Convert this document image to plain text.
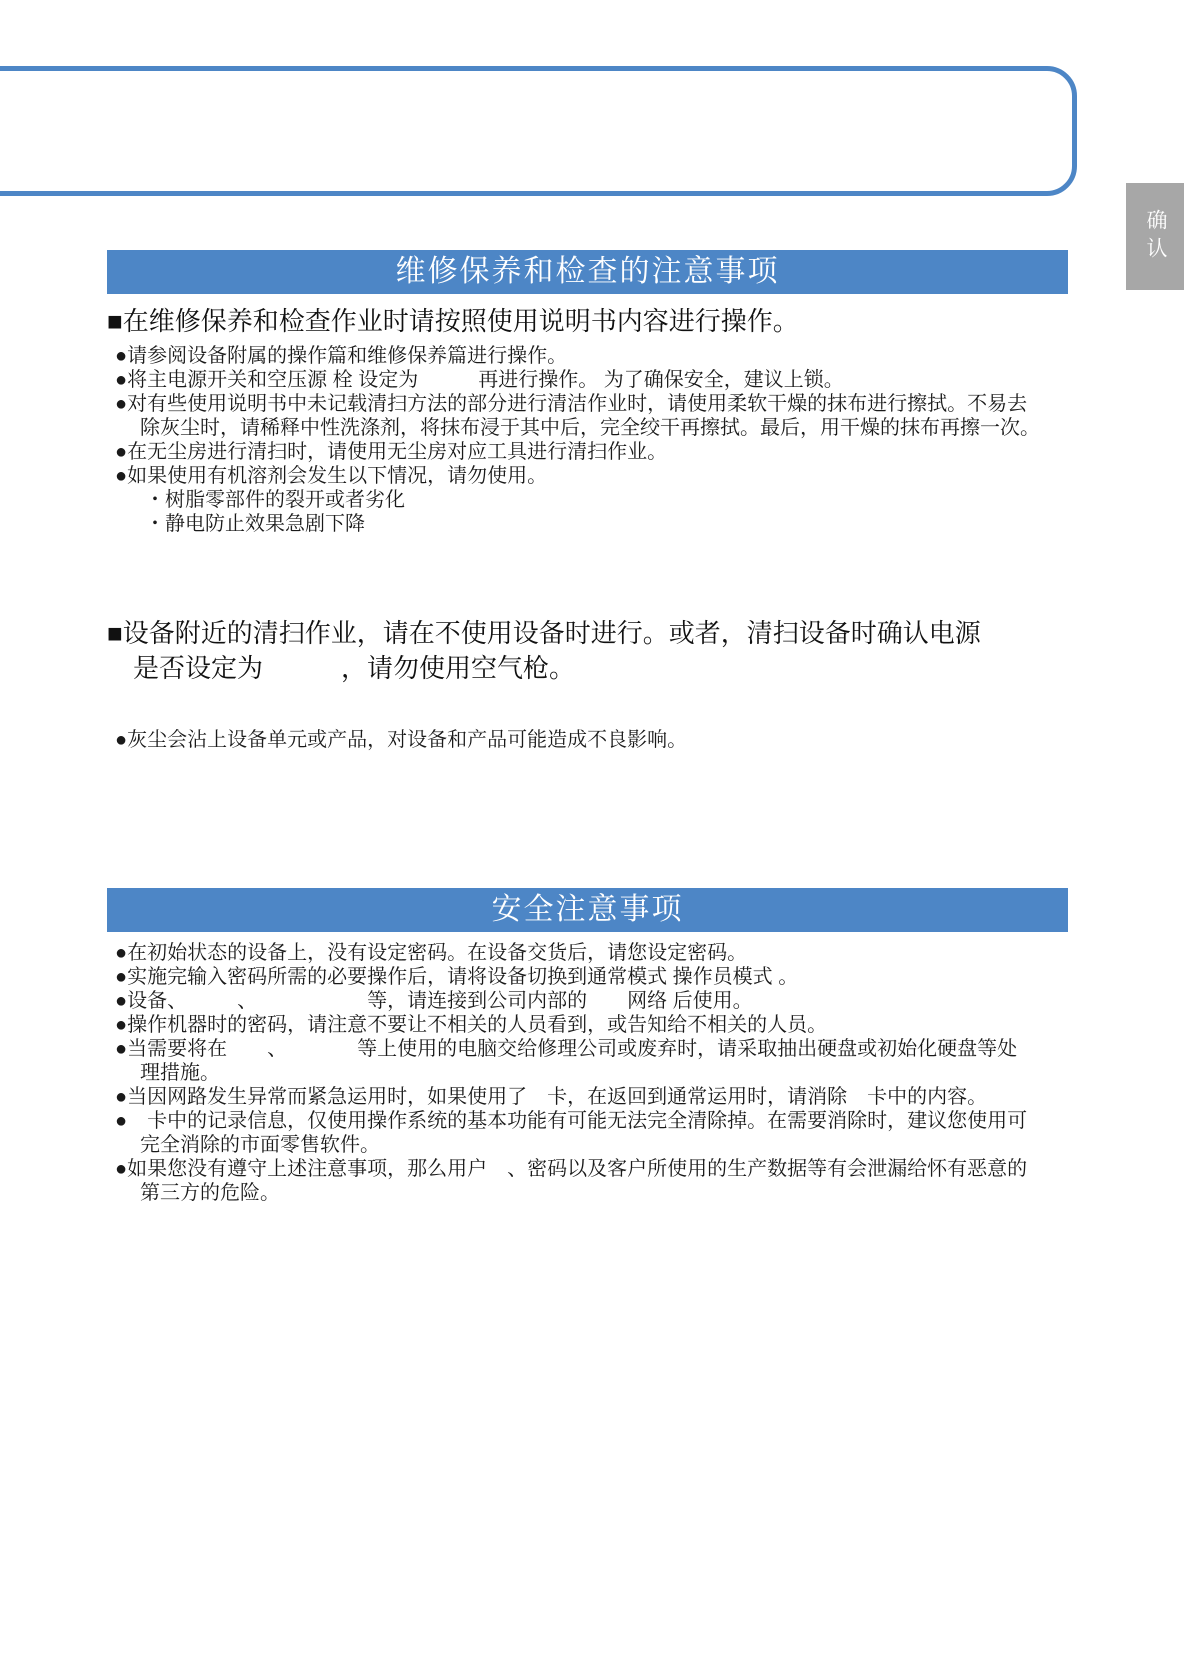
确认
维修保养和检查的注意事项
■在维修保养和检查作业时请按照使用说明书内容进行操作。
●请参阅设备附属的操作篇和维修保养篇进行操作。
●将主电源开关和空压源 栓 设定为　　　再进行操作。 为了确保安全，建议上锁。
●对有些使用说明书中未记载清扫方法的部分进行清洁作业时，请使用柔软干燥的抹布进行擦拭。不易去
除灰尘时，请稀释中性洗涤剂，将抹布浸于其中后，完全绞干再擦拭。最后，用干燥的抹布再擦一次。
●在无尘房进行清扫时，请使用无尘房对应工具进行清扫作业。
●如果使用有机溶剂会发生以下情况，请勿使用。
・树脂零部件的裂开或者劣化
・静电防止效果急剧下降
■设备附近的清扫作业，请在不使用设备时进行。或者，清扫设备时确认电源
是否设定为　　　，请勿使用空气枪。
●灰尘会沾上设备单元或产品，对设备和产品可能造成不良影响。
安全注意事项
●在初始状态的设备上，没有设定密码。在设备交货后，请您设定密码。
●实施完输入密码所需的必要操作后，请将设备切换到通常模式 操作员模式 。
●设备、　　　、　　　　　　等，请连接到公司内部的　　网络 后使用。
●操作机器时的密码，请注意不要让不相关的人员看到，或告知给不相关的人员。
●当需要将在　　、　　　　等上使用的电脑交给修理公司或废弃时，请采取抽出硬盘或初始化硬盘等处
理措施。
●当因网路发生异常而紧急运用时，如果使用了　卡，在返回到通常运用时，请消除　卡中的内容。
●　卡中的记录信息，仅使用操作系统的基本功能有可能无法完全清除掉。在需要消除时，建议您使用可
完全消除的市面零售软件。
●如果您没有遵守上述注意事项，那么用户　、密码以及客户所使用的生产数据等有会泄漏给怀有恶意的
第三方的危险。
